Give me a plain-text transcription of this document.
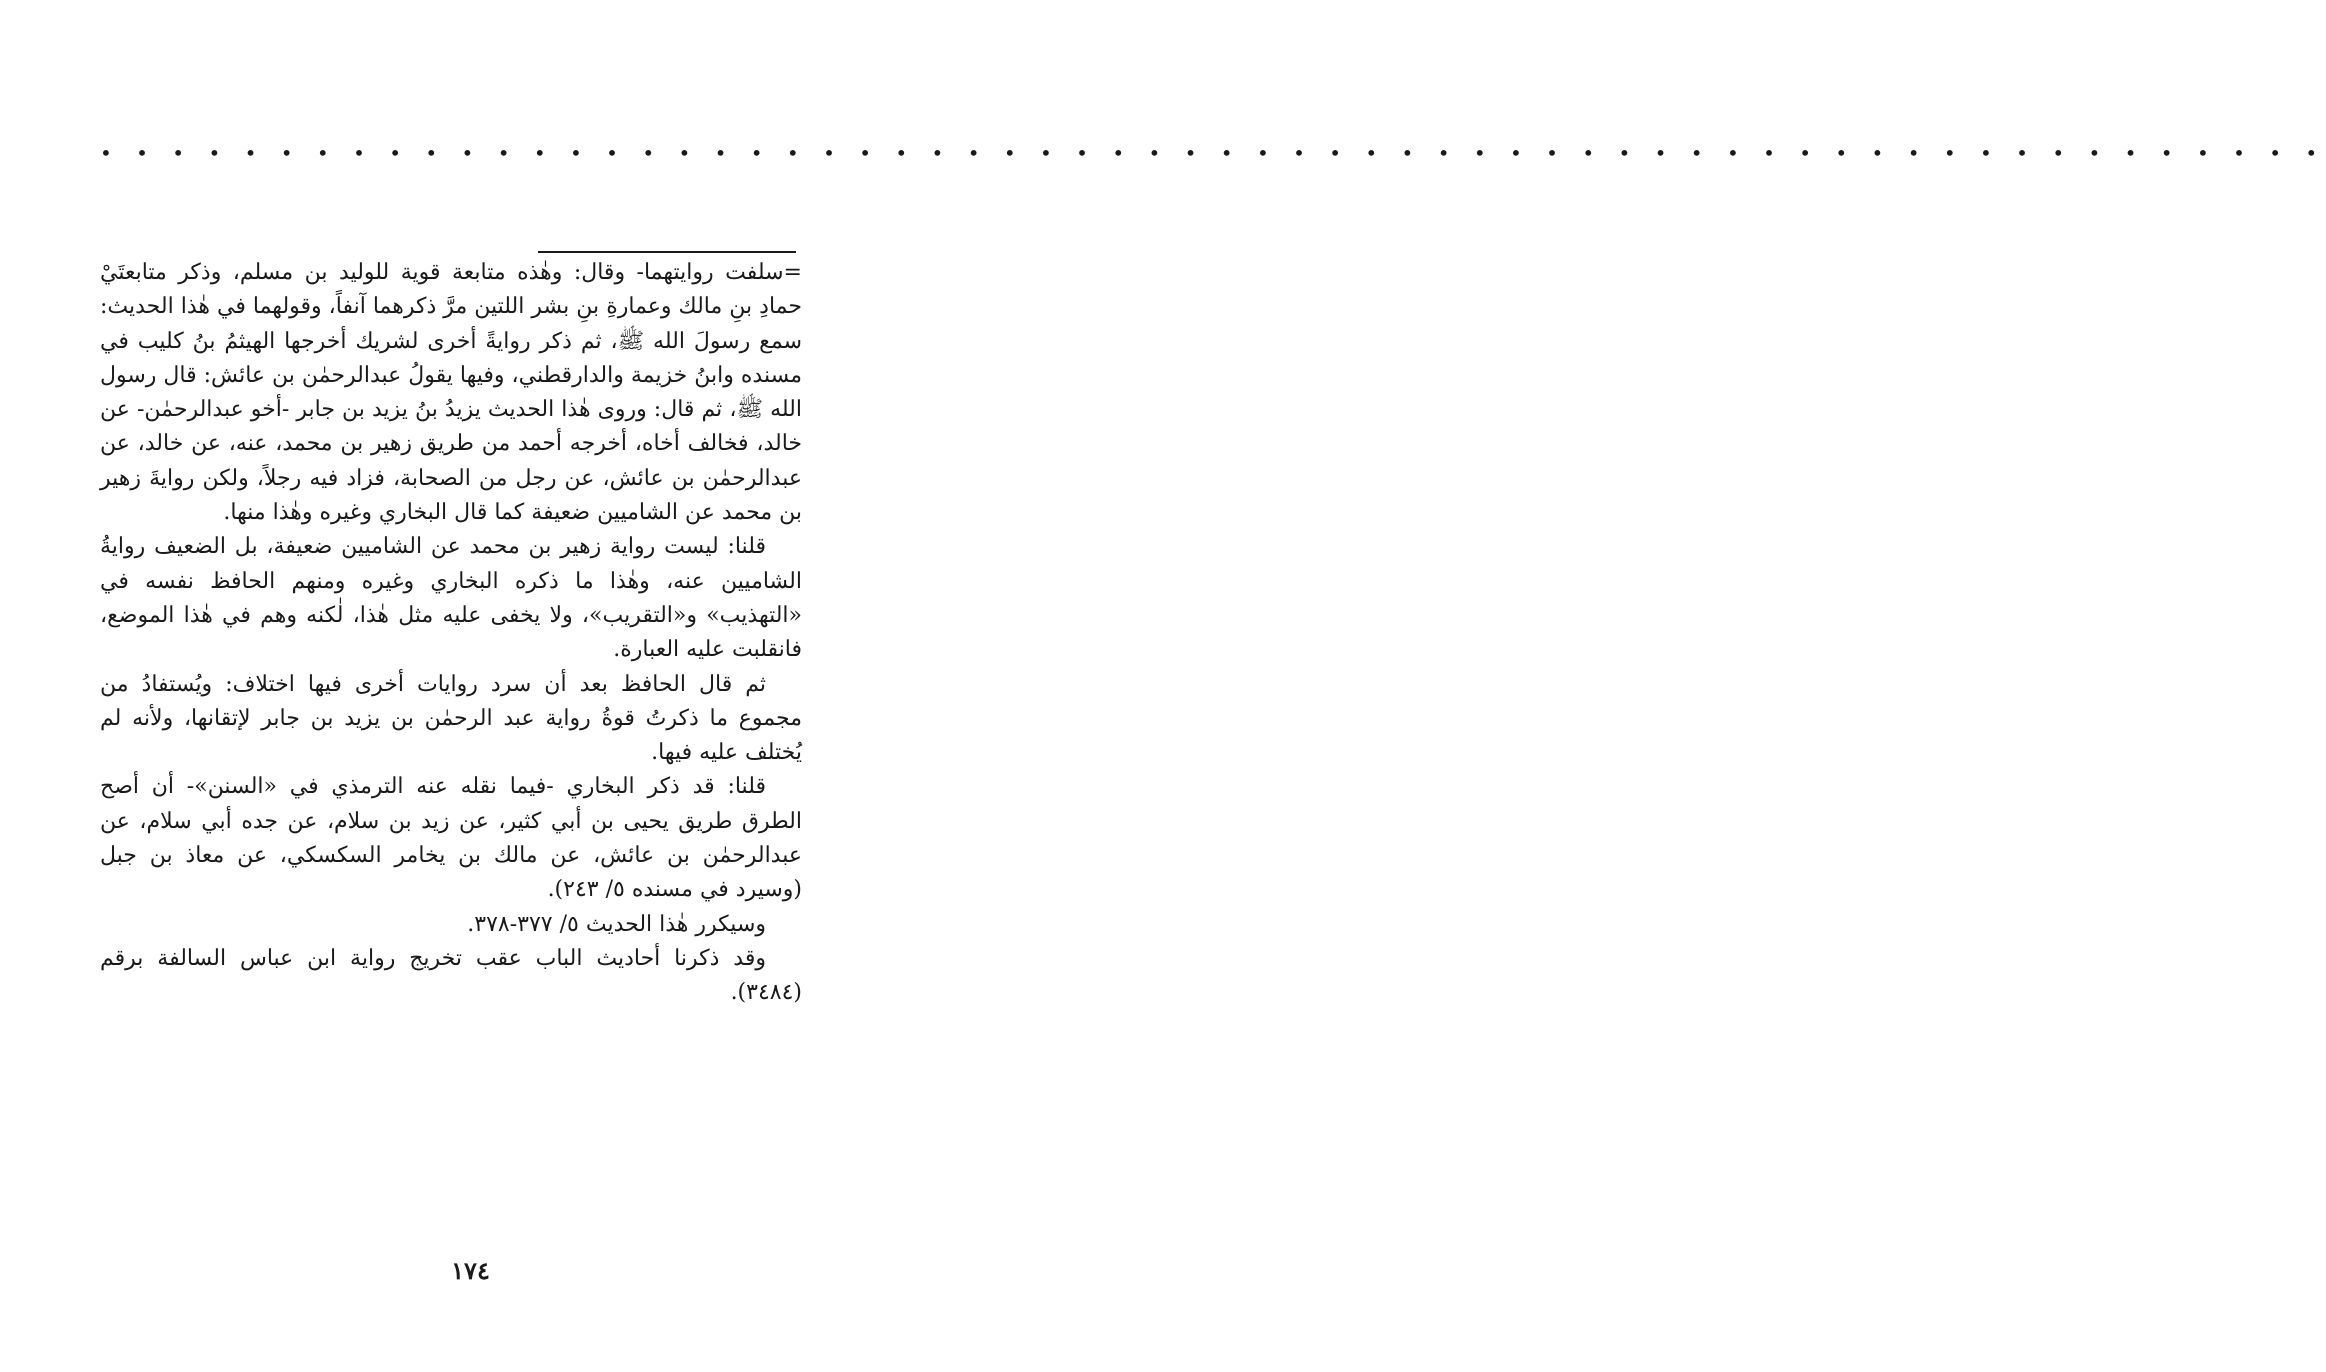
• • • • • • • • • • • • • • • • • • • • • • • • • • • • • • • • • • • • • • • • • • • • • • • • • • • • • • • • • • • • • •

=سلفت روايتهما- وقال: وهٰذه متابعة قوية للوليد بن مسلم، وذكر متابعتَيْ حمادِ بنِ مالك وعمارةِ بنِ بشر اللتين مرَّ ذكرهما آنفاً، وقولهما في هٰذا الحديث: سمع رسولَ الله ﷺ، ثم ذكر روايةً أخرى لشريك أخرجها الهيثمُ بنُ كليب في مسنده وابنُ خزيمة والدارقطني، وفيها يقولُ عبدالرحمٰن بن عائش: قال رسول الله ﷺ، ثم قال: وروى هٰذا الحديث يزيدُ بنُ يزيد بن جابر -أخو عبدالرحمٰن- عن خالد، فخالف أخاه، أخرجه أحمد من طريق زهير بن محمد، عنه، عن خالد، عن عبدالرحمٰن بن عائش، عن رجل من الصحابة، فزاد فيه رجلاً، ولكن روايةَ زهير بن محمد عن الشاميين ضعيفة كما قال البخاري وغيره وهٰذا منها.

قلنا: ليست رواية زهير بن محمد عن الشاميين ضعيفة، بل الضعيف روايةُ الشاميين عنه، وهٰذا ما ذكره البخاري وغيره ومنهم الحافظ نفسه في «التهذيب» و«التقريب»، ولا يخفى عليه مثل هٰذا، لٰكنه وهم في هٰذا الموضع، فانقلبت عليه العبارة.

ثم قال الحافظ بعد أن سرد روايات أخرى فيها اختلاف: ويُستفادُ من مجموع ما ذكرتُ قوةُ رواية عبد الرحمٰن بن يزيد بن جابر لإتقانها، ولأنه لم يُختلف عليه فيها.

قلنا: قد ذكر البخاري -فيما نقله عنه الترمذي في «السنن»- أن أصح الطرق طريق يحيى بن أبي كثير، عن زيد بن سلام، عن جده أبي سلام، عن عبدالرحمٰن بن عائش، عن مالك بن يخامر السكسكي، عن معاذ بن جبل (وسيرد في مسنده ٥/ ٢٤٣).

وسيكرر هٰذا الحديث ٥/ ٣٧٧-٣٧٨.

وقد ذكرنا أحاديث الباب عقب تخريج رواية ابن عباس السالفة برقم (٣٤٨٤).

١٧٤
